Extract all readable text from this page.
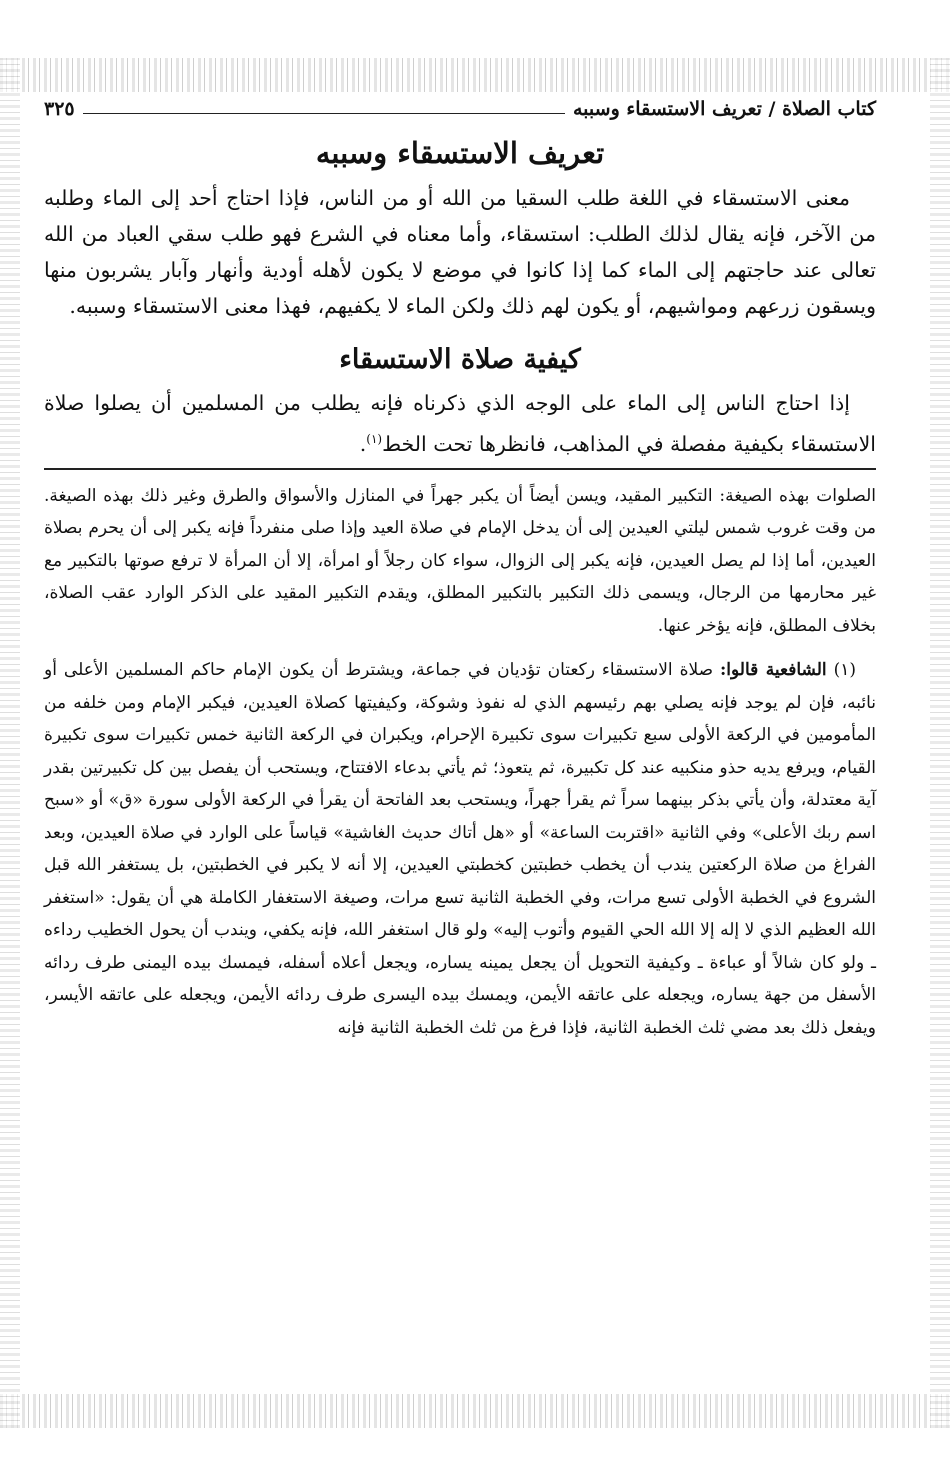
كتاب الصلاة / تعريف الاستسقاء وسببه
٣٢٥
تعريف الاستسقاء وسببه

معنى الاستسقاء في اللغة طلب السقيا من الله أو من الناس، فإذا احتاج أحد إلى الماء وطلبه من الآخر، فإنه يقال لذلك الطلب: استسقاء، وأما معناه في الشرع فهو طلب سقي العباد من الله تعالى عند حاجتهم إلى الماء كما إذا كانوا في موضع لا يكون لأهله أودية وأنهار وآبار يشربون منها ويسقون زرعهم ومواشيهم، أو يكون لهم ذلك ولكن الماء لا يكفيهم، فهذا معنى الاستسقاء وسببه.

كيفية صلاة الاستسقاء

إذا احتاج الناس إلى الماء على الوجه الذي ذكرناه فإنه يطلب من المسلمين أن يصلوا صلاة الاستسقاء بكيفية مفصلة في المذاهب، فانظرها تحت الخط$^{(١)}$.

الصلوات بهذه الصيغة: التكبير المقيد، ويسن أيضاً أن يكبر جهراً في المنازل والأسواق والطرق وغير ذلك بهذه الصيغة. من وقت غروب شمس ليلتي العيدين إلى أن يدخل الإمام في صلاة العيد وإذا صلى منفرداً فإنه يكبر إلى أن يحرم بصلاة العيدين، أما إذا لم يصل العيدين، فإنه يكبر إلى الزوال، سواء كان رجلاً أو امرأة، إلا أن المرأة لا ترفع صوتها بالتكبير مع غير محارمها من الرجال، ويسمى ذلك التكبير بالتكبير المطلق، ويقدم التكبير المقيد على الذكر الوارد عقب الصلاة، بخلاف المطلق، فإنه يؤخر عنها.

(١) الشافعية قالوا: صلاة الاستسقاء ركعتان تؤديان في جماعة، ويشترط أن يكون الإمام حاكم المسلمين الأعلى أو نائبه، فإن لم يوجد فإنه يصلي بهم رئيسهم الذي له نفوذ وشوكة، وكيفيتها كصلاة العيدين، فيكبر الإمام ومن خلفه من المأمومين في الركعة الأولى سبع تكبيرات سوى تكبيرة الإحرام، ويكبران في الركعة الثانية خمس تكبيرات سوى تكبيرة القيام، ويرفع يديه حذو منكبيه عند كل تكبيرة، ثم يتعوذ؛ ثم يأتي بدعاء الافتتاح، ويستحب أن يفصل بين كل تكبيرتين بقدر آية معتدلة، وأن يأتي بذكر بينهما سراً ثم يقرأ جهراً، ويستحب بعد الفاتحة أن يقرأ في الركعة الأولى سورة «ق» أو «سبح اسم ربك الأعلى» وفي الثانية «اقتربت الساعة» أو «هل أتاك حديث الغاشية» قياساً على الوارد في صلاة العيدين، وبعد الفراغ من صلاة الركعتين يندب أن يخطب خطبتين كخطبتي العيدين، إلا أنه لا يكبر في الخطبتين، بل يستغفر الله قبل الشروع في الخطبة الأولى تسع مرات، وفي الخطبة الثانية تسع مرات، وصيغة الاستغفار الكاملة هي أن يقول: «استغفر الله العظيم الذي لا إله إلا الله الحي القيوم وأتوب إليه» ولو قال استغفر الله، فإنه يكفي، ويندب أن يحول الخطيب رداءه ـ ولو كان شالاً أو عباءة ـ وكيفية التحويل أن يجعل يمينه يساره، ويجعل أعلاه أسفله، فيمسك بيده اليمنى طرف ردائه الأسفل من جهة يساره، ويجعله على عاتقه الأيمن، ويمسك بيده اليسرى طرف ردائه الأيمن، ويجعله على عاتقه الأيسر، ويفعل ذلك بعد مضي ثلث الخطبة الثانية، فإذا فرغ من ثلث الخطبة الثانية فإنه
